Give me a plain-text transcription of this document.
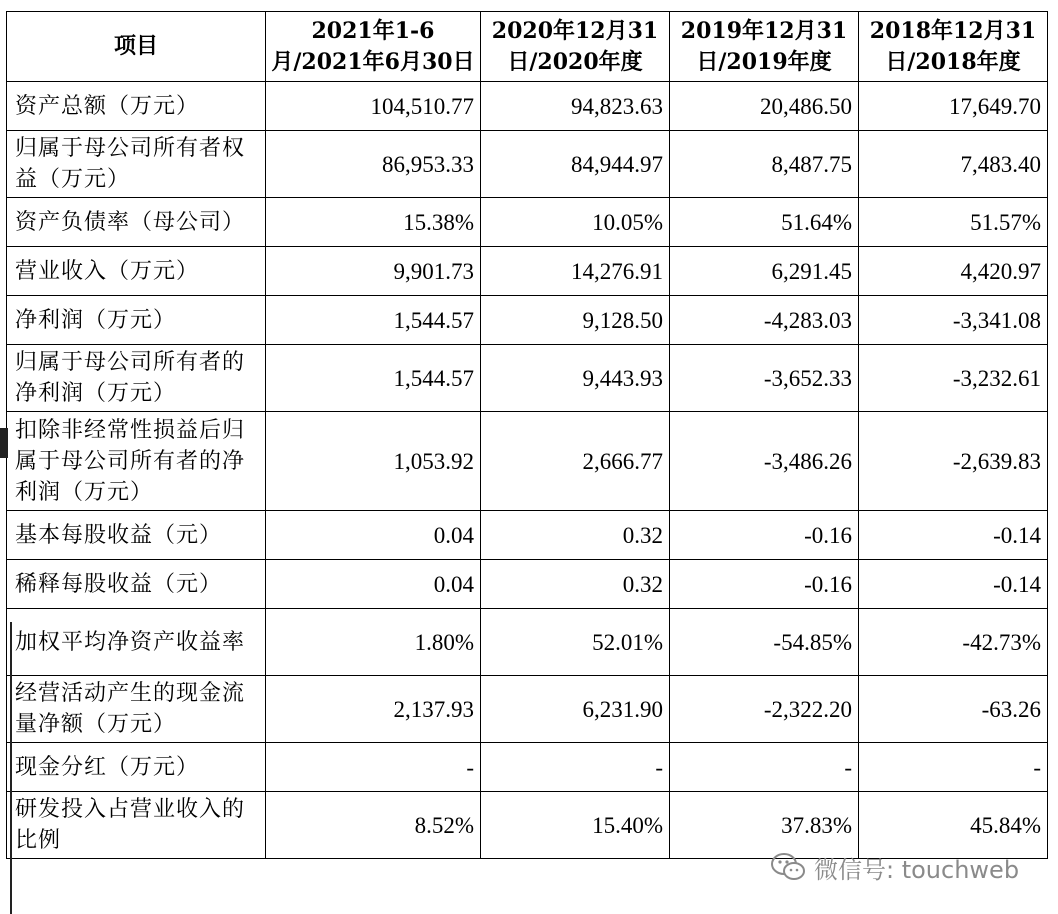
项目	2021年1-6月/2021年6月30日	2020年12月31日/2020年度	2019年12月31日/2019年度	2018年12月31日/2018年度
资产总额（万元）	104,510.77	94,823.63	20,486.50	17,649.70
归属于母公司所有者权益（万元）	86,953.33	84,944.97	8,487.75	7,483.40
资产负债率（母公司）	15.38%	10.05%	51.64%	51.57%
营业收入（万元）	9,901.73	14,276.91	6,291.45	4,420.97
净利润（万元）	1,544.57	9,128.50	-4,283.03	-3,341.08
归属于母公司所有者的净利润（万元）	1,544.57	9,443.93	-3,652.33	-3,232.61
扣除非经常性损益后归属于母公司所有者的净利润（万元）	1,053.92	2,666.77	-3,486.26	-2,639.83
基本每股收益（元）	0.04	0.32	-0.16	-0.14
稀释每股收益（元）	0.04	0.32	-0.16	-0.14
加权平均净资产收益率	1.80%	52.01%	-54.85%	-42.73%
经营活动产生的现金流量净额（万元）	2,137.93	6,231.90	-2,322.20	-63.26
现金分红（万元）	-	-	-	-
研发投入占营业收入的比例	8.52%	15.40%	37.83%	45.84%
微信号: touchweb
